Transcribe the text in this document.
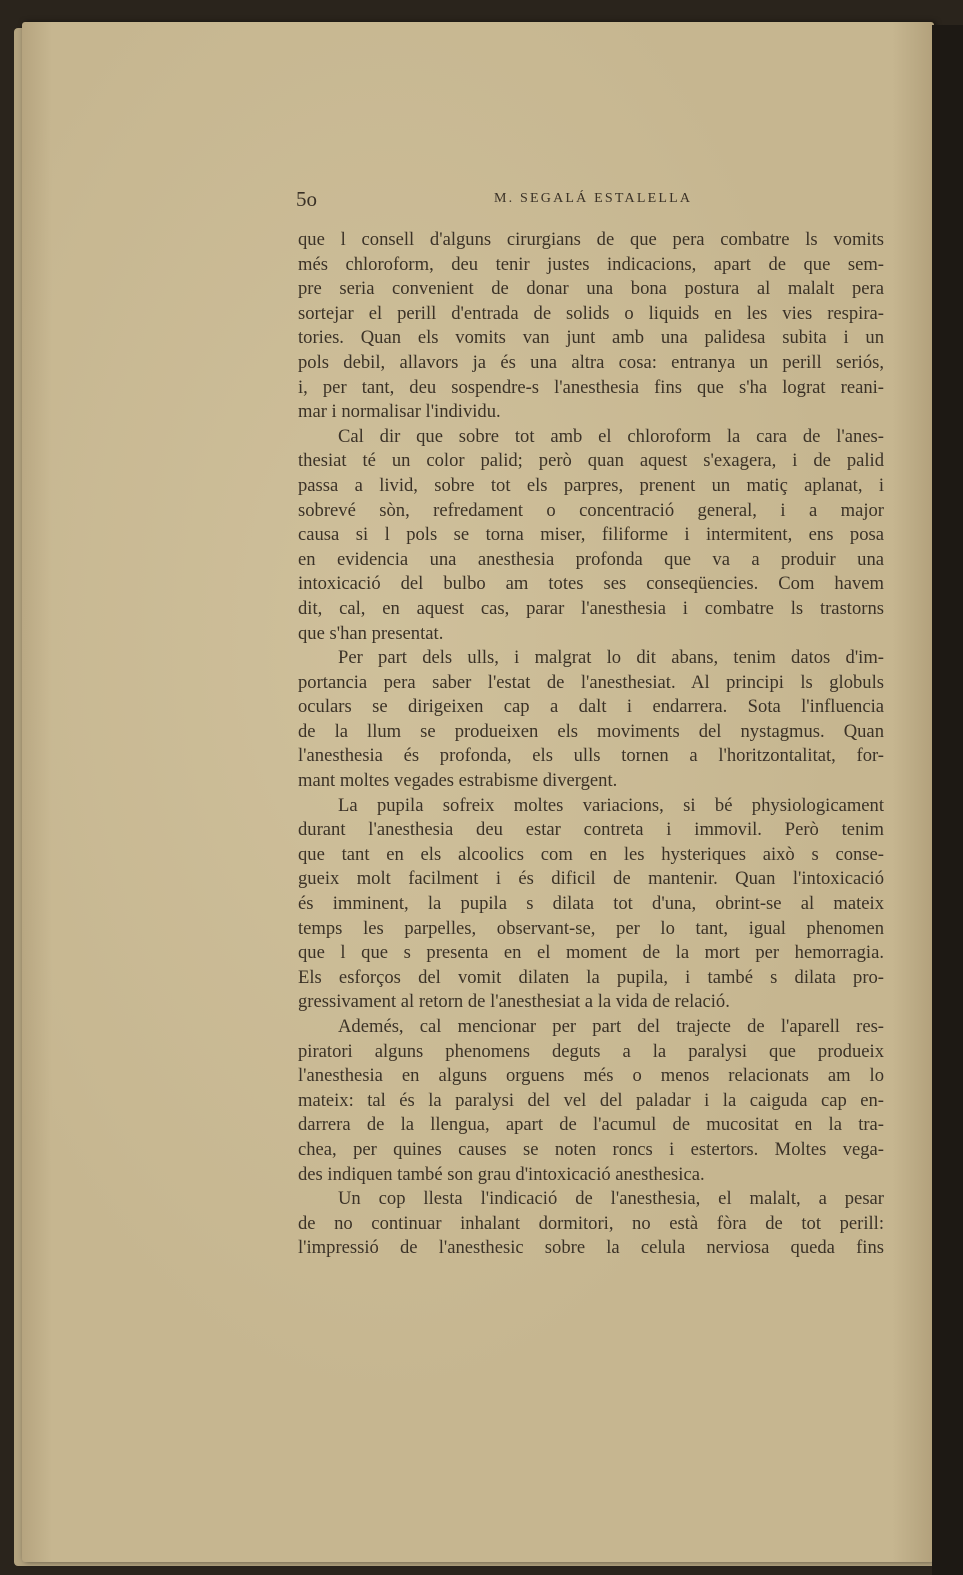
5o	M. SEGALÁ ESTALELLA
que l consell d'alguns cirurgians de que pera combatre ls vomits
més chloroform, deu tenir justes indicacions, apart de que sem-
pre seria convenient de donar una bona postura al malalt pera
sortejar el perill d'entrada de solids o liquids en les vies respira-
tories. Quan els vomits van junt amb una palidesa subita i un
pols debil, allavors ja és una altra cosa: entranya un perill seriós,
i, per tant, deu sospendre-s l'anesthesia fins que s'ha lograt reani-
mar i normalisar l'individu.
Cal dir que sobre tot amb el chloroform la cara de l'anes-
thesiat té un color palid; però quan aquest s'exagera, i de palid
passa a livid, sobre tot els parpres, prenent un matiç aplanat, i
sobrevé sòn, refredament o concentració general, i a major
causa si l pols se torna miser, filiforme i intermitent, ens posa
en evidencia una anesthesia profonda que va a produir una
intoxicació del bulbo am totes ses conseqüencies. Com havem
dit, cal, en aquest cas, parar l'anesthesia i combatre ls trastorns
que s'han presentat.
Per part dels ulls, i malgrat lo dit abans, tenim datos d'im-
portancia pera saber l'estat de l'anesthesiat. Al principi ls globuls
oculars se dirigeixen cap a dalt i endarrera. Sota l'influencia
de la llum se produeixen els moviments del nystagmus. Quan
l'anesthesia és profonda, els ulls tornen a l'horitzontalitat, for-
mant moltes vegades estrabisme divergent.
La pupila sofreix moltes variacions, si bé physiologicament
durant l'anesthesia deu estar contreta i immovil. Però tenim
que tant en els alcoolics com en les hysteriques això s conse-
gueix molt facilment i és dificil de mantenir. Quan l'intoxicació
és imminent, la pupila s dilata tot d'una, obrint-se al mateix
temps les parpelles, observant-se, per lo tant, igual phenomen
que l que s presenta en el moment de la mort per hemorragia.
Els esforços del vomit dilaten la pupila, i també s dilata pro-
gressivament al retorn de l'anesthesiat a la vida de relació.
Ademés, cal mencionar per part del trajecte de l'aparell res-
piratori alguns phenomens deguts a la paralysi que produeix
l'anesthesia en alguns orguens més o menos relacionats am lo
mateix: tal és la paralysi del vel del paladar i la caiguda cap en-
darrera de la llengua, apart de l'acumul de mucositat en la tra-
chea, per quines causes se noten roncs i estertors. Moltes vega-
des indiquen també son grau d'intoxicació anesthesica.
Un cop llesta l'indicació de l'anesthesia, el malalt, a pesar
de no continuar inhalant dormitori, no està fòra de tot perill:
l'impressió de l'anesthesic sobre la celula nerviosa queda fins
